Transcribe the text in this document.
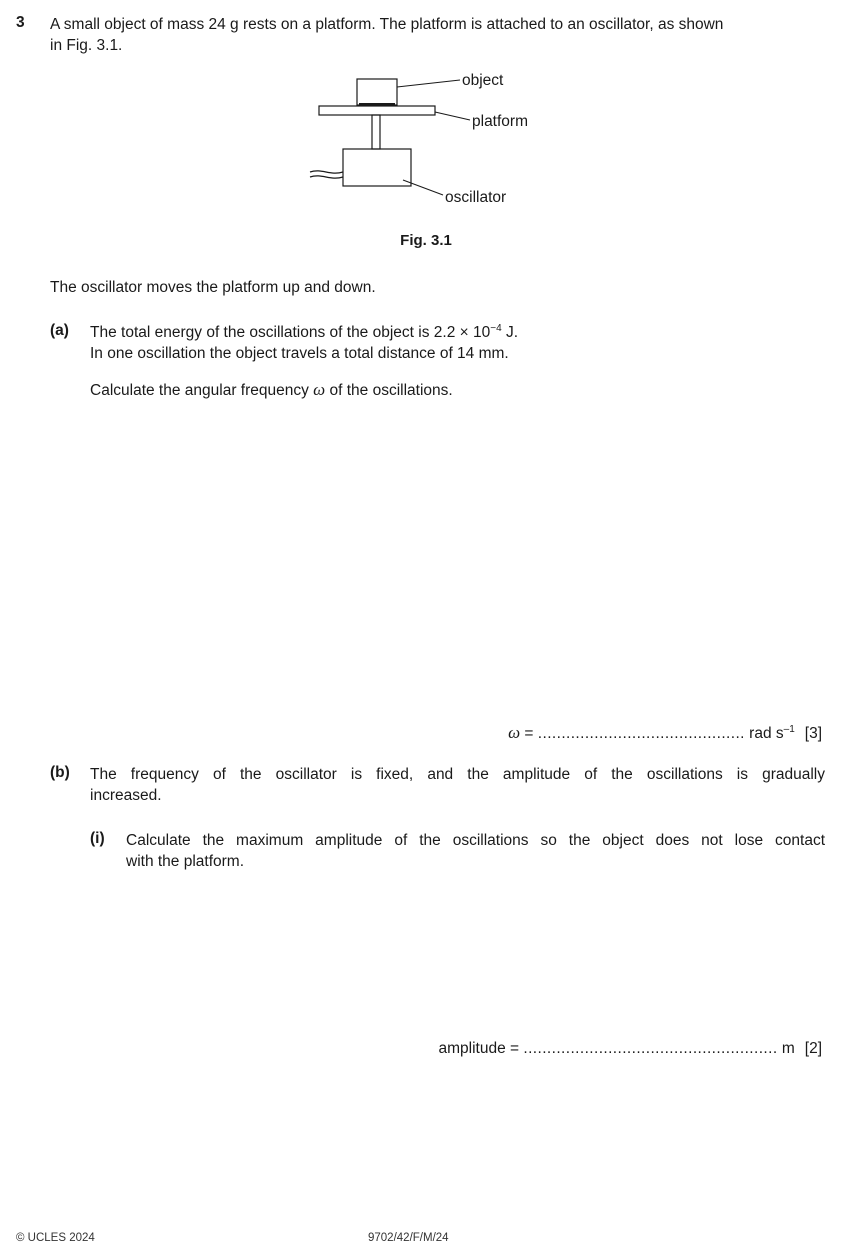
3 A small object of mass 24 g rests on a platform. The platform is attached to an oscillator, as shown
in Fig. 3.1.
object
platform
oscillator
Fig. 3.1
The oscillator moves the platform up and down.
(a) The total energy of the oscillations of the object is $2.2 \times 10^{-4}$ J.
In one oscillation the object travels a total distance of 14 mm.
Calculate the angular frequency ω of the oscillations.
ω = ............................................ rad $s^{-1}$ [3]
(b) The frequency of the oscillator is fixed, and the amplitude of the oscillations is gradually
increased.
(i) Calculate the maximum amplitude of the oscillations so the object does not lose contact
with the platform.
amplitude = ...................................................... m [2]
© UCLES 2024	9702/42/F/M/24
